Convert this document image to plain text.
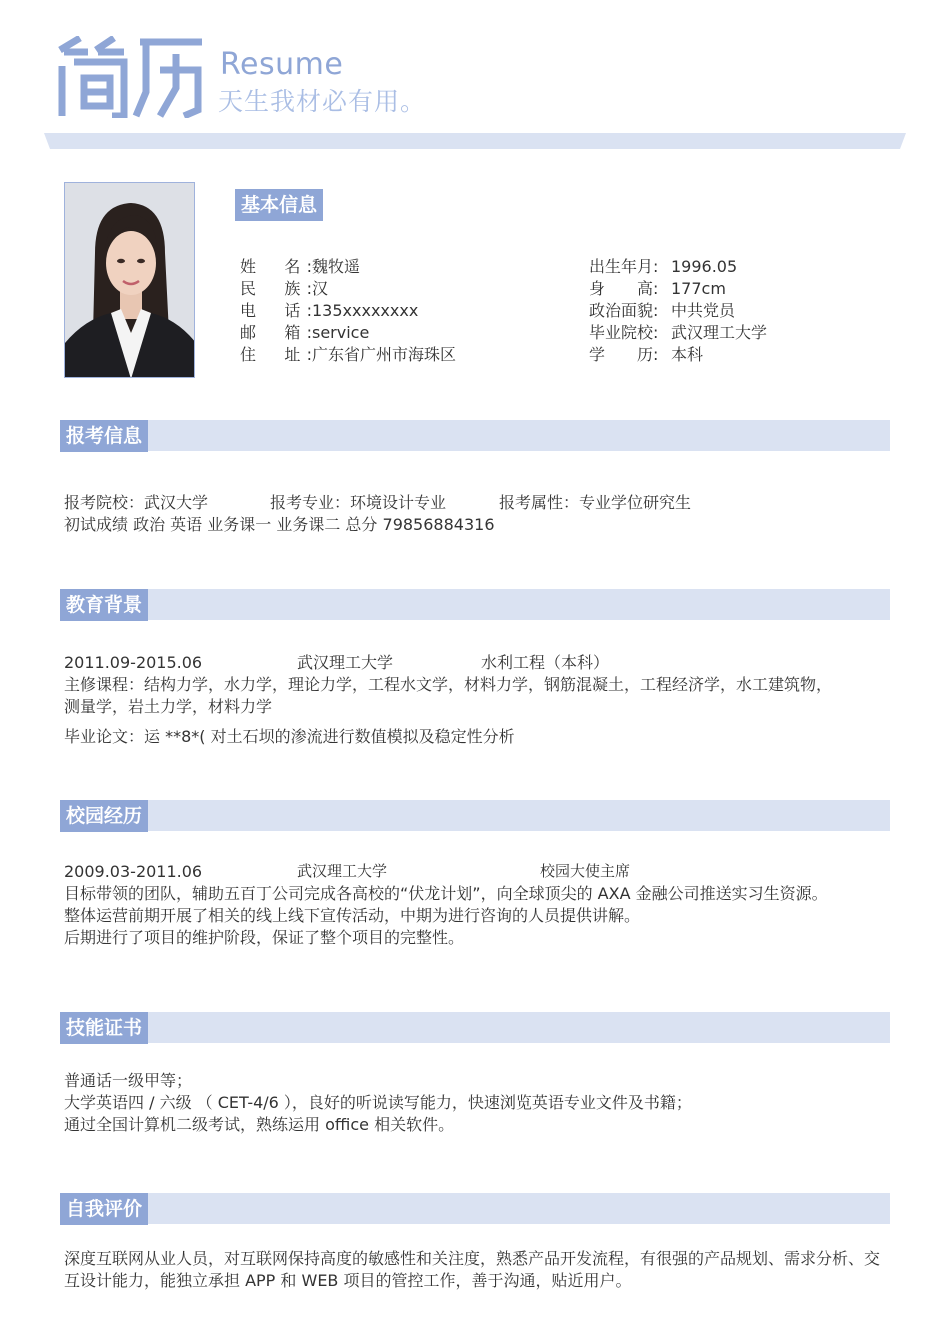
Resume
天生我材必有用。
基本信息
姓　名:魏牧遥
民　族:汉
电　话:135xxxxxxxx
邮　箱:service
住　址:广东省广州市海珠区
出生年月: 1996.05
身　　高: 177cm
政治面貌: 中共党员
毕业院校: 武汉理工大学
学　　历: 本科
报考信息
报考院校：武汉大学	报考专业：环境设计专业	报考属性：专业学位研究生
初试成绩 政治 英语 业务课一 业务课二 总分 79856884316
教育背景
2011.09-2015.06	武汉理工大学	水利工程（本科）
主修课程：结构力学，水力学，理论力学，工程水文学，材料力学，钢筋混凝土，工程经济学，水工建筑物，
测量学，岩土力学，材料力学
毕业论文：运 **8*( 对土石坝的渗流进行数值模拟及稳定性分析
校园经历
2009.03-2011.06	武汉理工大学	校园大使主席
目标带领的团队，辅助五百丁公司完成各高校的“伏龙计划”，向全球顶尖的 AXA 金融公司推送实习生资源。
整体运营前期开展了相关的线上线下宣传活动，中期为进行咨询的人员提供讲解。
后期进行了项目的维护阶段，保证了整个项目的完整性。
技能证书
普通话一级甲等；
大学英语四 / 六级 （ CET-4/6 ），良好的听说读写能力，快速浏览英语专业文件及书籍；
通过全国计算机二级考试，熟练运用 office 相关软件。
自我评价
深度互联网从业人员，对互联网保持高度的敏感性和关注度，熟悉产品开发流程，有很强的产品规划、需求分析、交
互设计能力，能独立承担 APP 和 WEB 项目的管控工作，善于沟通，贴近用户。
